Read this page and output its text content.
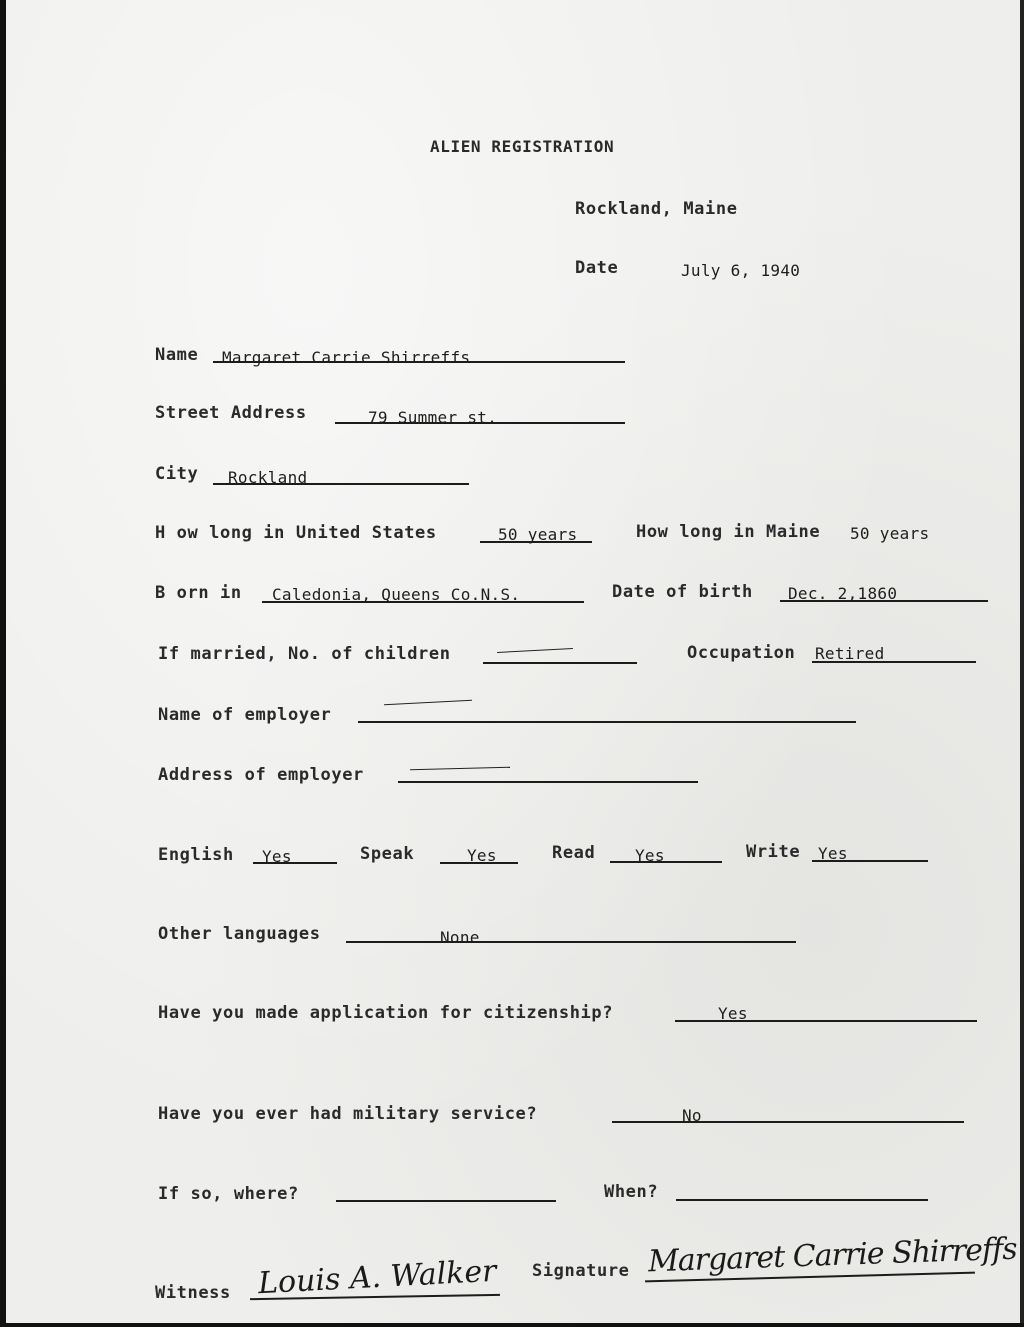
ALIEN REGISTRATION
Rockland, Maine
Date	July 6, 1940
Name Margaret Carrie Shirreffs
Street Address	79 Summer st.
City Rockland
H ow long in United States	50 years	How long in Maine 50 years
B orn in Caledonia, Queens Co.N.S.	Date of birth Dec. 2,1860
If married, No. of children	Occupation Retired
Name of employer
Address of employer
English Yes	Speak	Yes	Read Yes	Write Yes
Other languages	None
Have you made application for citizenship?	Yes
Have you ever had military service?	No
If so, where?	When?
Witness Louis A. Walker Signature Margaret Carrie Shirreffs
